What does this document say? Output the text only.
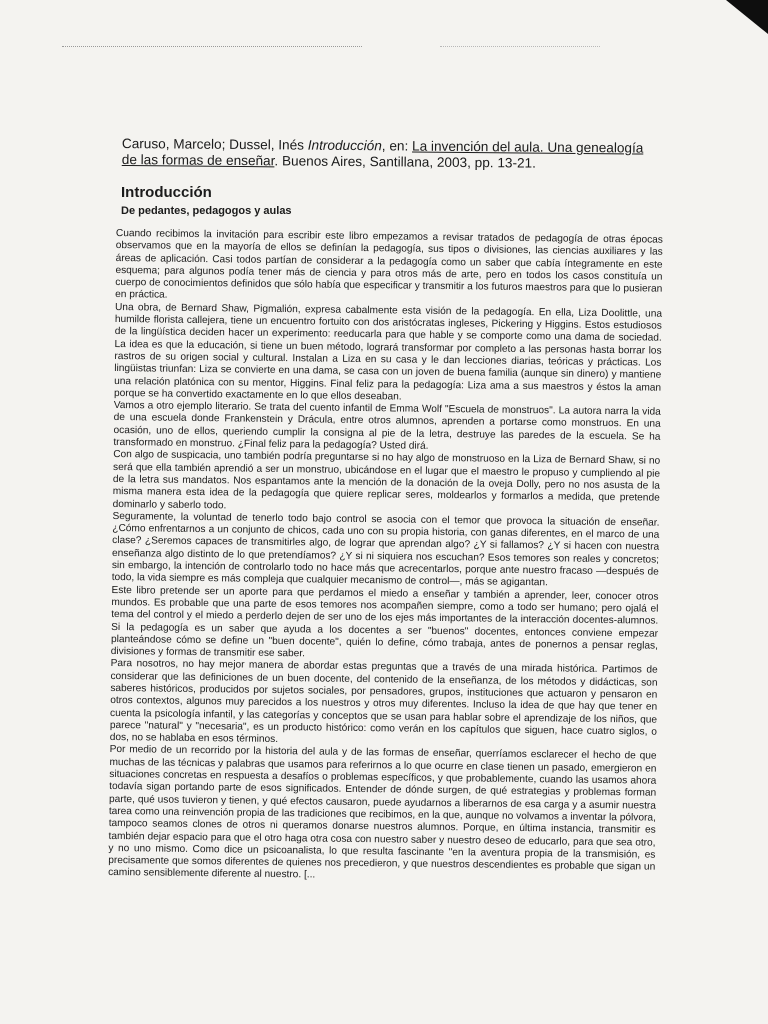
Caruso, Marcelo; Dussel, Inés Introducción, en: La invención del aula. Una genealogía de las formas de enseñar. Buenos Aires, Santillana, 2003, pp. 13-21.
Introducción
De pedantes, pedagogos y aulas

Cuando recibimos la invitación para escribir este libro empezamos a revisar tratados de pedagogía de otras épocas observamos que en la mayoría de ellos se definían la pedagogía, sus tipos o divisiones, las ciencias auxiliares y las áreas de aplicación. Casi todos partían de considerar a la pedagogía como un saber que cabía íntegramente en este esquema; para algunos podía tener más de ciencia y para otros más de arte, pero en todos los casos constituía un cuerpo de conocimientos definidos que sólo había que especificar y transmitir a los futuros maestros para que lo pusieran en práctica.

Una obra, de Bernard Shaw, Pigmalión, expresa cabalmente esta visión de la pedagogía. En ella, Liza Doolittle, una humilde florista callejera, tiene un encuentro fortuito con dos aristócratas ingleses, Pickering y Higgins. Estos estudiosos de la lingüística deciden hacer un experimento: reeducarla para que hable y se comporte como una dama de sociedad. La idea es que la educación, si tiene un buen método, logrará transformar por completo a las personas hasta borrar los rastros de su origen social y cultural. Instalan a Liza en su casa y le dan lecciones diarias, teóricas y prácticas. Los lingüistas triunfan: Liza se convierte en una dama, se casa con un joven de buena familia (aunque sin dinero) y mantiene una relación platónica con su mentor, Higgins. Final feliz para la pedagogía: Liza ama a sus maestros y éstos la aman porque se ha convertido exactamente en lo que ellos deseaban.

Vamos a otro ejemplo literario. Se trata del cuento infantil de Emma Wolf "Escuela de monstruos". La autora narra la vida de una escuela donde Frankenstein y Drácula, entre otros alumnos, aprenden a portarse como monstruos. En una ocasión, uno de ellos, queriendo cumplir la consigna al pie de la letra, destruye las paredes de la escuela. Se ha transformado en monstruo. ¿Final feliz para la pedagogía? Usted dirá.

Con algo de suspicacia, uno también podría preguntarse si no hay algo de monstruoso en la Liza de Bernard Shaw, si no será que ella también aprendió a ser un monstruo, ubicándose en el lugar que el maestro le propuso y cumpliendo al pie de la letra sus mandatos. Nos espantamos ante la mención de la donación de la oveja Dolly, pero no nos asusta de la misma manera esta idea de la pedagogía que quiere replicar seres, moldearlos y formarlos a medida, que pretende dominarlo y saberlo todo.

Seguramente, la voluntad de tenerlo todo bajo control se asocia con el temor que provoca la situación de enseñar. ¿Cómo enfrentarnos a un conjunto de chicos, cada uno con su propia historia, con ganas diferentes, en el marco de una clase? ¿Seremos capaces de transmitirles algo, de lograr que aprendan algo? ¿Y si fallamos? ¿Y si hacen con nuestra enseñanza algo distinto de lo que pretendíamos? ¿Y si ni siquiera nos escuchan? Esos temores son reales y concretos; sin embargo, la intención de controlarlo todo no hace más que acrecentarlos, porque ante nuestro fracaso —después de todo, la vida siempre es más compleja que cualquier mecanismo de control—, más se agigantan.

Este libro pretende ser un aporte para que perdamos el miedo a enseñar y también a aprender, leer, conocer otros mundos. Es probable que una parte de esos temores nos acompañen siempre, como a todo ser humano; pero ojalá el tema del control y el miedo a perderlo dejen de ser uno de los ejes más importantes de la interacción docentes-alumnos. Si la pedagogía es un saber que ayuda a los docentes a ser "buenos" docentes, entonces conviene empezar planteándose cómo se define un "buen docente", quién lo define, cómo trabaja, antes de ponernos a pensar reglas, divisiones y formas de transmitir ese saber.

Para nosotros, no hay mejor manera de abordar estas preguntas que a través de una mirada histórica. Partimos de considerar que las definiciones de un buen docente, del contenido de la enseñanza, de los métodos y didácticas, son saberes históricos, producidos por sujetos sociales, por pensadores, grupos, instituciones que actuaron y pensaron en otros contextos, algunos muy parecidos a los nuestros y otros muy diferentes. Incluso la idea de que hay que tener en cuenta la psicología infantil, y las categorías y conceptos que se usan para hablar sobre el aprendizaje de los niños, que parece "natural" y "necesaria", es un producto histórico: como verán en los capítulos que siguen, hace cuatro siglos, o dos, no se hablaba en esos términos.

Por medio de un recorrido por la historia del aula y de las formas de enseñar, querríamos esclarecer el hecho de que muchas de las técnicas y palabras que usamos para referirnos a lo que ocurre en clase tienen un pasado, emergieron en situaciones concretas en respuesta a desafíos o problemas específicos, y que probablemente, cuando las usamos ahora todavía sigan portando parte de esos significados. Entender de dónde surgen, de qué estrategias y problemas forman parte, qué usos tuvieron y tienen, y qué efectos causaron, puede ayudarnos a liberarnos de esa carga y a asumir nuestra tarea como una reinvención propia de las tradiciones que recibimos, en la que, aunque no volvamos a inventar la pólvora, tampoco seamos clones de otros ni queramos donarse nuestros alumnos. Porque, en última instancia, transmitir es también dejar espacio para que el otro haga otra cosa con nuestro saber y nuestro deseo de educarlo, para que sea otro, y no uno mismo. Como dice un psicoanalista, lo que resulta fascinante "en la aventura propia de la transmisión, es precisamente que somos diferentes de quienes nos precedieron, y que nuestros descendientes es probable que sigan un camino sensiblemente diferente al nuestro. [...
